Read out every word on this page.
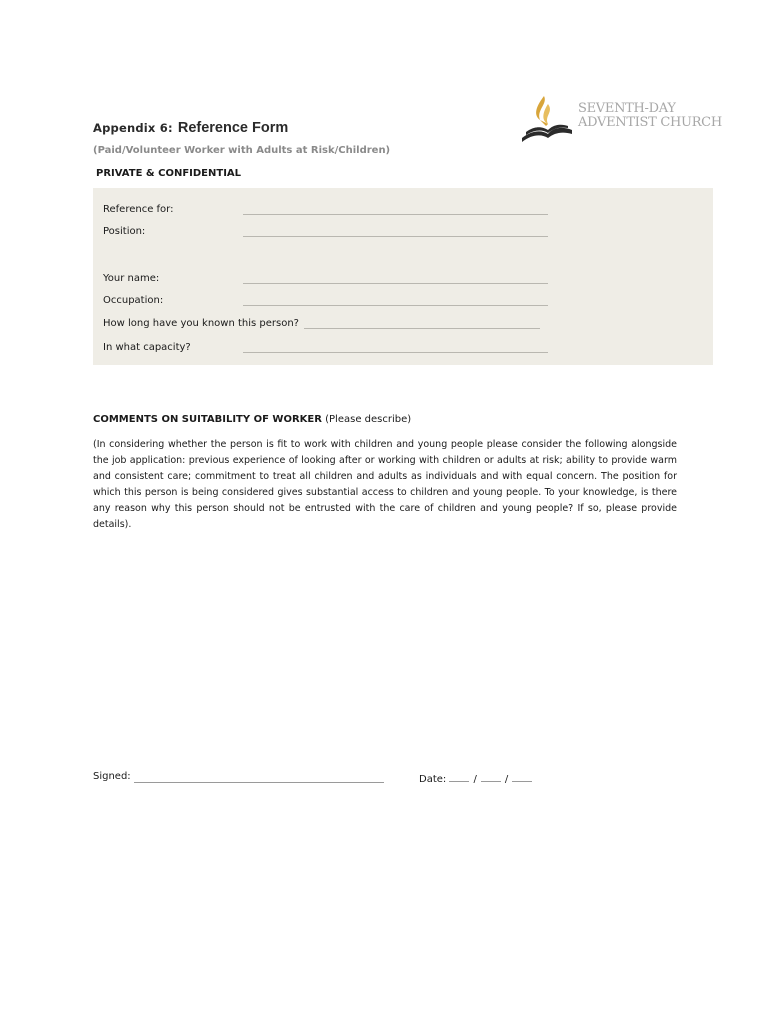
Appendix 6: Reference Form
(Paid/Volunteer Worker with Adults at Risk/Children)
PRIVATE & CONFIDENTIAL
SEVENTH-DAY
ADVENTIST CHURCH
Reference for:
Position:
Your name:
Occupation:
How long have you known this person?
In what capacity?
COMMENTS ON SUITABILITY OF WORKER (Please describe)
(In considering whether the person is fit to work with children and young people please consider the following alongside the job application: previous experience of looking after or working with children or adults at risk; ability to provide warm and consistent care; commitment to treat all children and adults as individuals and with equal concern. The position for which this person is being considered gives substantial access to children and young people. To your knowledge, is there any reason why this person should not be entrusted with the care of children and young people? If so, please provide details).
Signed:	Date:	/	/
